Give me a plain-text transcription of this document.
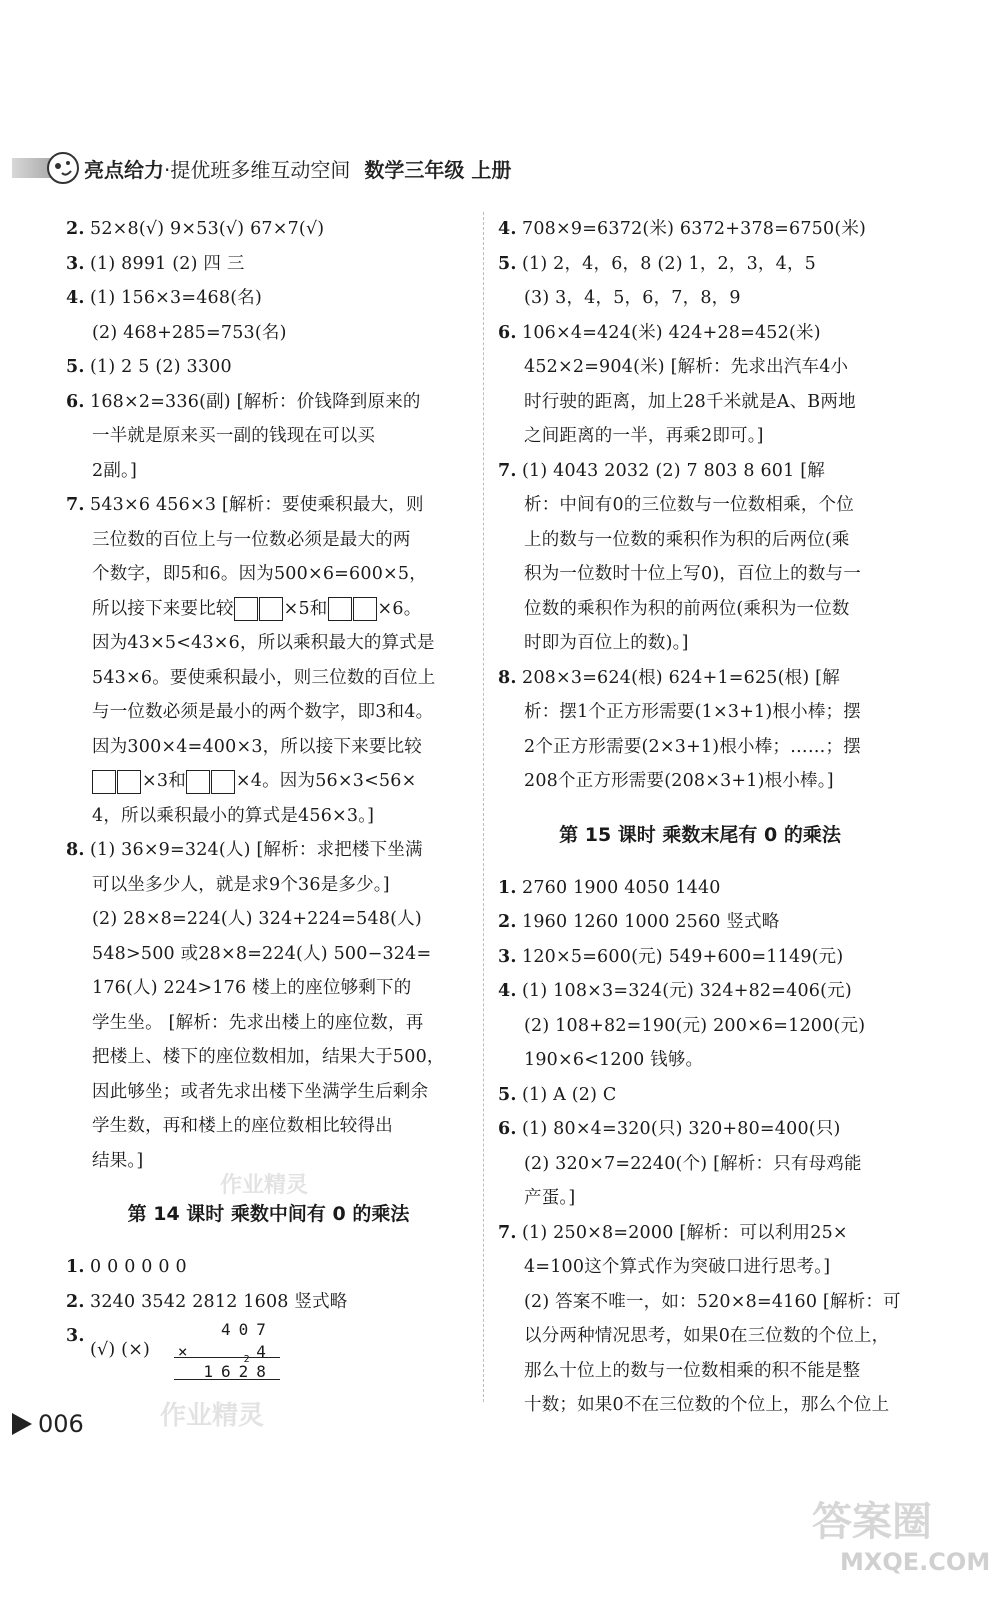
亮点给力 ·提优班多维互动空间 数学三年级 上册
2. 52×8(√) 9×53(√) 67×7(√)
3. (1) 8991 (2) 四 三
4. (1) 156×3=468(名)
(2) 468+285=753(名)
5. (1) 2 5 (2) 3300
6. 168×2=336(副) [解析：价钱降到原来的
一半就是原来买一副的钱现在可以买
2副。]
7. 543×6 456×3 [解析：要使乘积最大，则
三位数的百位上与一位数必须是最大的两
个数字，即5和6。因为500×6=600×5，
所以接下来要比较	×5和	×6。
因为43×5<43×6，所以乘积最大的算式是
543×6。要使乘积最小，则三位数的百位上
与一位数必须是最小的两个数字，即3和4。
因为300×4=400×3，所以接下来要比较
×3和	×4。因为56×3<56×
4，所以乘积最小的算式是456×3。]
8. (1) 36×9=324(人) [解析：求把楼下坐满
可以坐多少人，就是求9个36是多少。]
(2) 28×8=224(人) 324+224=548(人)
548>500 或28×8=224(人) 500−324=
176(人) 224>176 楼上的座位够剩下的
学生坐。 [解析：先求出楼上的座位数，再
把楼上、楼下的座位数相加，结果大于500，
因此够坐；或者先求出楼下坐满学生后剩余
学生数，再和楼上的座位数相比较得出
结果。]
第 14 课时 乘数中间有 0 的乘法
1. 0 0 0 0 0 0
2. 3240 3542 2812 1608 竖式略
3.(√) (×)
407
×	2 4
1628
4. 708×9=6372(米) 6372+378=6750(米)
5. (1) 2，4，6，8 (2) 1，2，3，4，5
(3) 3，4，5，6，7，8，9
6. 106×4=424(米) 424+28=452(米)
452×2=904(米) [解析：先求出汽车4小
时行驶的距离，加上28千米就是A、B两地
之间距离的一半，再乘2即可。]
7. (1) 4043 2032 (2) 7 803 8 601 [解
析：中间有0的三位数与一位数相乘，个位
上的数与一位数的乘积作为积的后两位(乘
积为一位数时十位上写0)，百位上的数与一
位数的乘积作为积的前两位(乘积为一位数
时即为百位上的数)。]
8. 208×3=624(根) 624+1=625(根) [解
析：摆1个正方形需要(1×3+1)根小棒；摆
2个正方形需要(2×3+1)根小棒；……；摆
208个正方形需要(208×3+1)根小棒。]
第 15 课时 乘数末尾有 0 的乘法
1. 2760 1900 4050 1440
2. 1960 1260 1000 2560 竖式略
3. 120×5=600(元) 549+600=1149(元)
4. (1) 108×3=324(元) 324+82=406(元)
(2) 108+82=190(元) 200×6=1200(元)
190×6<1200 钱够。
5. (1) A (2) C
6. (1) 80×4=320(只) 320+80=400(只)
(2) 320×7=2240(个) [解析：只有母鸡能
产蛋。]
7. (1) 250×8=2000 [解析：可以利用25×
4=100这个算式作为突破口进行思考。]
(2) 答案不唯一，如：520×8=4160 [解析：可
以分两种情况思考，如果0在三位数的个位上，
那么十位上的数与一位数相乘的积不能是整
十数；如果0不在三位数的个位上，那么个位上
006
作业精灵
作业精灵
答案圈
MXQE.COM
